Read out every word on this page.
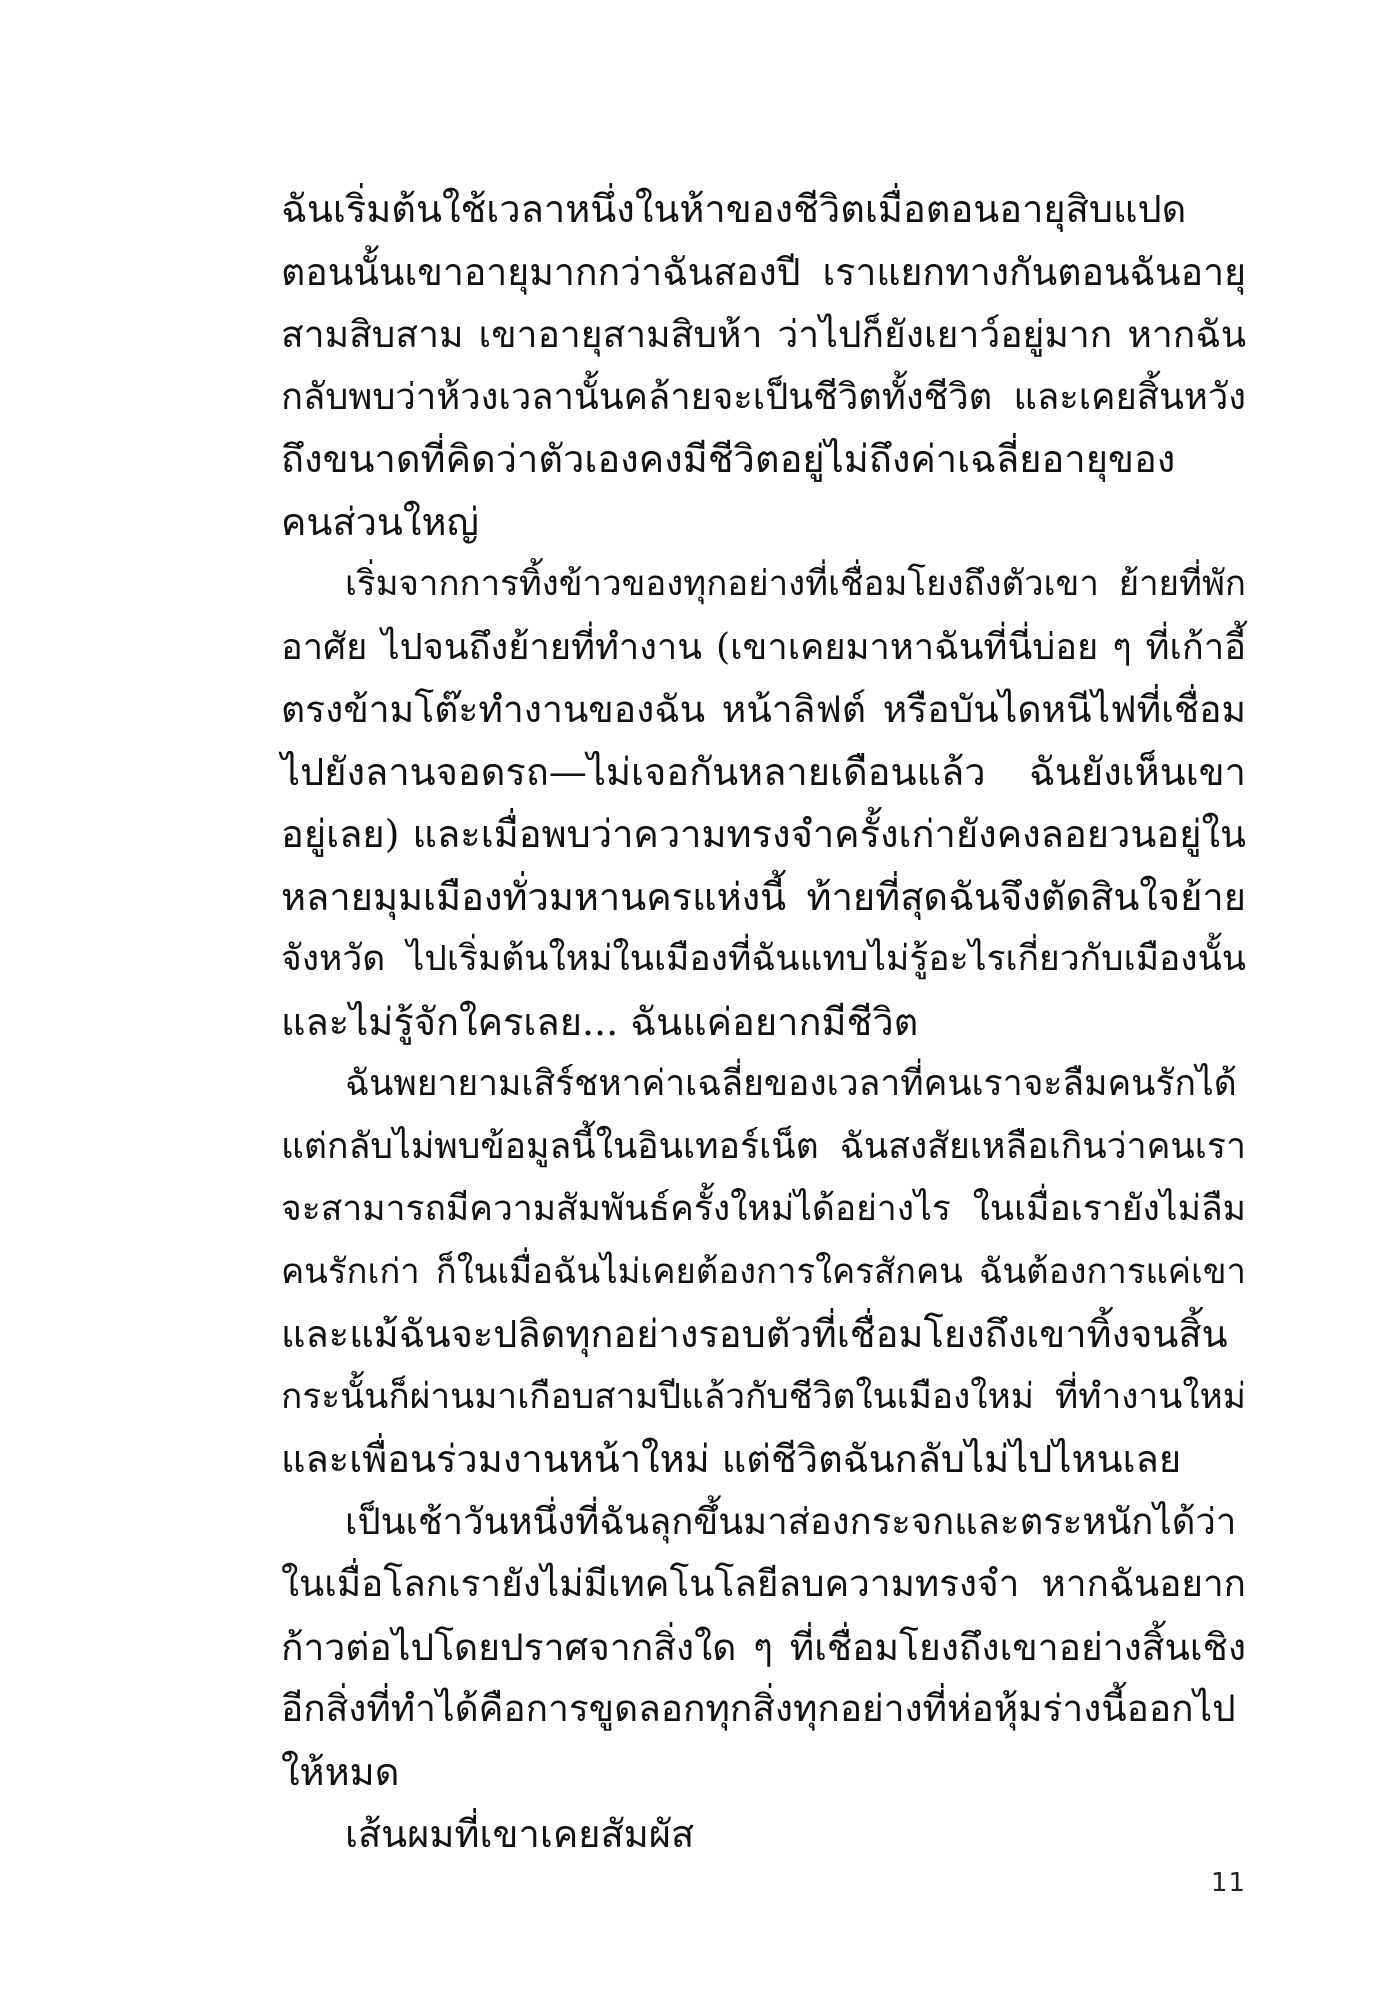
ฉันเริ่มต้นใช้เวลาหนึ่งในห้าของชีวิตเมื่อตอนอายุสิบแปด
ตอนนั้นเขาอายุมากกว่าฉันสองปี เราแยกทางกันตอนฉันอายุ
สามสิบสาม เขาอายุสามสิบห้า ว่าไปก็ยังเยาว์อยู่มาก หากฉัน
กลับพบว่าห้วงเวลานั้นคล้ายจะเป็นชีวิตทั้งชีวิต และเคยสิ้นหวัง
ถึงขนาดที่คิดว่าตัวเองคงมีชีวิตอยู่ไม่ถึงค่าเฉลี่ยอายุของ
คนส่วนใหญ่
เริ่มจากการทิ้งข้าวของทุกอย่างที่เชื่อมโยงถึงตัวเขา ย้ายที่พัก
อาศัย ไปจนถึงย้ายที่ทำงาน (เขาเคยมาหาฉันที่นี่บ่อย ๆ ที่เก้าอี้
ตรงข้ามโต๊ะทำงานของฉัน หน้าลิฟต์ หรือบันไดหนีไฟที่เชื่อม
ไปยังลานจอดรถ—ไม่เจอกันหลายเดือนแล้ว ฉันยังเห็นเขา
อยู่เลย) และเมื่อพบว่าความทรงจำครั้งเก่ายังคงลอยวนอยู่ใน
หลายมุมเมืองทั่วมหานครแห่งนี้ ท้ายที่สุดฉันจึงตัดสินใจย้าย
จังหวัด ไปเริ่มต้นใหม่ในเมืองที่ฉันแทบไม่รู้อะไรเกี่ยวกับเมืองนั้น
และไม่รู้จักใครเลย... ฉันแค่อยากมีชีวิต
ฉันพยายามเสิร์ชหาค่าเฉลี่ยของเวลาที่คนเราจะลืมคนรักได้
แต่กลับไม่พบข้อมูลนี้ในอินเทอร์เน็ต ฉันสงสัยเหลือเกินว่าคนเรา
จะสามารถมีความสัมพันธ์ครั้งใหม่ได้อย่างไร ในเมื่อเรายังไม่ลืม
คนรักเก่า ก็ในเมื่อฉันไม่เคยต้องการใครสักคน ฉันต้องการแค่เขา
และแม้ฉันจะปลิดทุกอย่างรอบตัวที่เชื่อมโยงถึงเขาทิ้งจนสิ้น
กระนั้นก็ผ่านมาเกือบสามปีแล้วกับชีวิตในเมืองใหม่ ที่ทำงานใหม่
และเพื่อนร่วมงานหน้าใหม่ แต่ชีวิตฉันกลับไม่ไปไหนเลย
เป็นเช้าวันหนึ่งที่ฉันลุกขึ้นมาส่องกระจกและตระหนักได้ว่า
ในเมื่อโลกเรายังไม่มีเทคโนโลยีลบความทรงจำ หากฉันอยาก
ก้าวต่อไปโดยปราศจากสิ่งใด ๆ ที่เชื่อมโยงถึงเขาอย่างสิ้นเชิง
อีกสิ่งที่ทำได้คือการขูดลอกทุกสิ่งทุกอย่างที่ห่อหุ้มร่างนี้ออกไป
ให้หมด
เส้นผมที่เขาเคยสัมผัส
11
